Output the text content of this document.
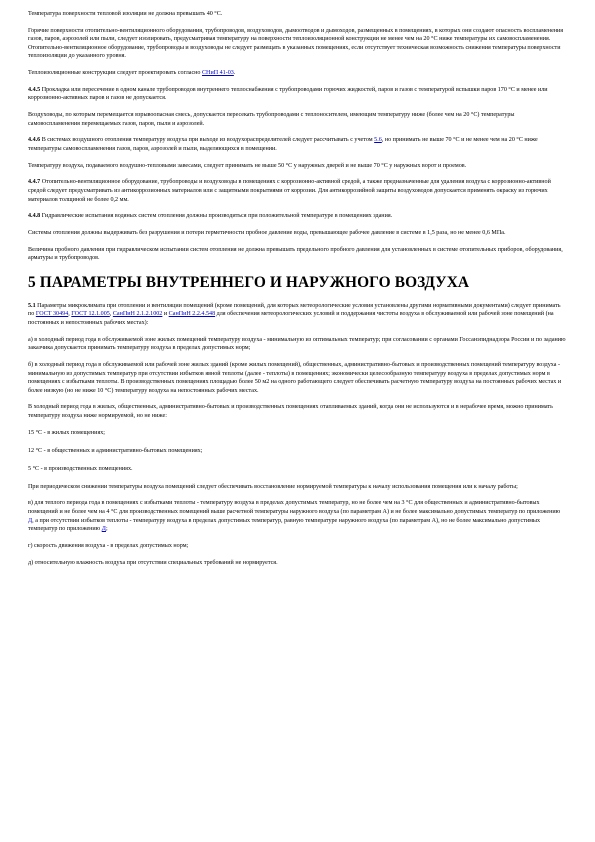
Температура поверхности тепловой изоляции не должна превышать 40 °С.

Горячие поверхности отопительно-вентиляционного оборудования, трубопроводов, воздуховодов, дымоотводов и дымоходов, размещенных в помещениях, в которых они создают опасность воспламенения газов, паров, аэрозолей или пыли, следует изолировать, предусматривая температуру на поверхности теплоизоляционной конструкции не менее чем на 20 °С ниже температуры их самовоспламенения. Отопительно-вентиляционное оборудование, трубопроводы и воздуховоды не следует размещать в указанных помещениях, если отсутствует техническая возможность снижения температуры поверхности теплоизоляции до указанного уровня.

Теплоизоляционные конструкции следует проектировать согласно СНиП 41-03.

4.4.5 Прокладка или пересечение в одном канале трубопроводов внутреннего теплоснабжения с трубопроводами горючих жидкостей, паров и газов с температурой вспышки паров 170 °С и менее или коррозионно-активных паров и газов не допускается.

Воздуховоды, по которым перемещается взрывоопасная смесь, допускается пересекать трубопроводами с теплоносителем, имеющим температуру ниже (более чем на 20 °С) температуры самовоспламенения перемещаемых газов, паров, пыли и аэрозолей.

4.4.6 В системах воздушного отопления температуру воздуха при выходе из воздухораспределителей следует рассчитывать с учетом 5.6, но принимать не выше 70 °С и не менее чем на 20 °С ниже температуры самовоспламенения газов, паров, аэрозолей и пыли, выделяющихся в помещении.

Температуру воздуха, подаваемого воздушно-тепловыми завесами, следует принимать не выше 50 °С у наружных дверей и не выше 70 °С у наружных ворот и проемов.

4.4.7 Отопительно-вентиляционное оборудование, трубопроводы и воздуховоды в помещениях с коррозионно-активной средой, а также предназначенные для удаления воздуха с коррозионно-активной средой следует предусматривать из антикоррозионных материалов или с защитными покрытиями от коррозии. Для антикоррозийной защиты воздуховодов допускается применять окраску из горючих материалов толщиной не более 0,2 мм.

4.4.8 Гидравлические испытания водяных систем отопления должны производиться при положительной температуре в помещениях здания.

Системы отопления должны выдерживать без разрушения и потери герметичности пробное давление воды, превышающее рабочее давление в системе в 1,5 раза, но не менее 0,6 МПа.

Величина пробного давления при гидравлическом испытании систем отопления не должна превышать предельного пробного давления для установленных в системе отопительных приборов, оборудования, арматуры и трубопроводов.

5 ПАРАМЕТРЫ ВНУТРЕННЕГО И НАРУЖНОГО ВОЗДУХА

5.1 Параметры микроклимата при отоплении и вентиляции помещений (кроме помещений, для которых метеорологические условия установлены другими нормативными документами) следует принимать по ГОСТ 30494, ГОСТ 12.1.005, СанПиН 2.1.2.1002 и СанПиН 2.2.4.548 для обеспечения метеорологических условий и поддержания чистоты воздуха в обслуживаемой или рабочей зоне помещений (на постоянных и непостоянных рабочих местах):

а) в холодный период года в обслуживаемой зоне жилых помещений температуру воздуха - минимальную из оптимальных температур; при согласовании с органами Госсанэпиднадзора России и по заданию заказчика допускается принимать температуру воздуха в пределах допустимых норм;

б) в холодный период года в обслуживаемой или рабочей зоне жилых зданий (кроме жилых помещений), общественных, административно-бытовых и производственных помещений температуру воздуха - минимальную из допустимых температур при отсутствии избытков явной теплоты (далее - теплоты) в помещениях; экономически целесообразную температуру воздуха в пределах допустимых норм в помещениях с избытками теплоты. В производственных помещениях площадью более 50 м2 на одного работающего следует обеспечивать расчетную температуру воздуха на постоянных рабочих местах и более низкую (но не ниже 10 °С) температуру воздуха на непостоянных рабочих местах.

В холодный период года в жилых, общественных, административно-бытовых и производственных помещениях отапливаемых зданий, когда они не используются и в нерабочее время, можно принимать температуру воздуха ниже нормируемой, но не ниже:

15 °С - в жилых помещениях;

12 °С - в общественных и административно-бытовых помещениях;

5 °С - в производственных помещениях.

При периодическом снижении температуры воздуха помещений следует обеспечивать восстановление нормируемой температуры к началу использования помещения или к началу работы;

в) для теплого периода года в помещениях с избытками теплоты - температуру воздуха в пределах допустимых температур, но не более чем на 3 °С для общественных и административно-бытовых помещений и не более чем на 4 °С для производственных помещений выше расчетной температуры наружного воздуха (по параметрам А) и не более максимально допустимых температур по приложению Д, а при отсутствии избытков теплоты - температуру воздуха в пределах допустимых температур, равную температуре наружного воздуха (по параметрам А), но не более максимально допустимых температур по приложению Д;

г) скорость движения воздуха - в пределах допустимых норм;

д) относительную влажность воздуха при отсутствии специальных требований не нормируется.
